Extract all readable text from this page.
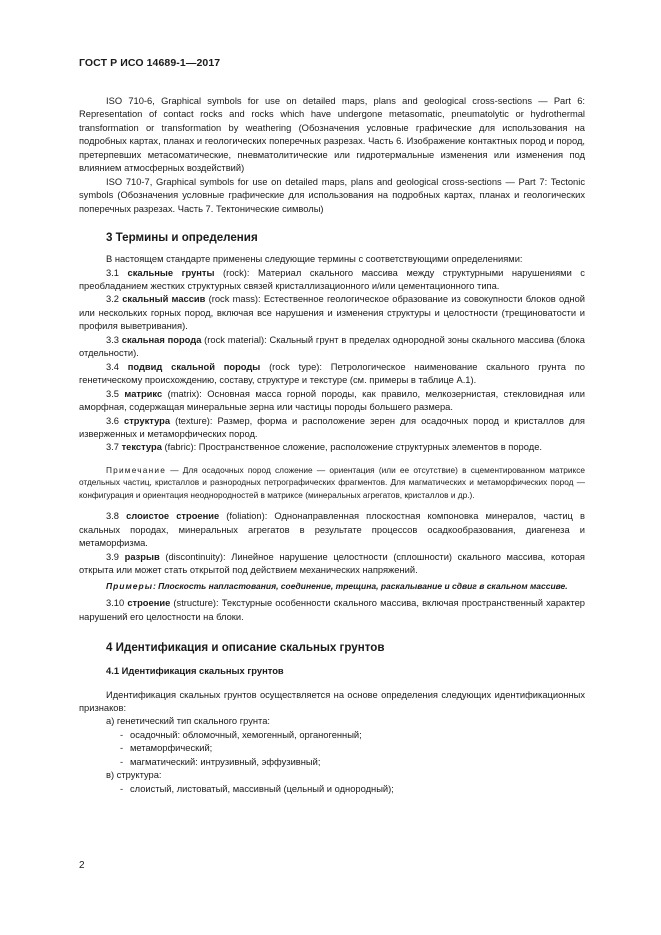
ГОСТ Р ИСО 14689-1—2017

ISO 710-6, Graphical symbols for use on detailed maps, plans and geological cross-sections — Part 6: Representation of contact rocks and rocks which have undergone metasomatic, pneumatolytic or hydrothermal transformation or transformation by weathering (Обозначения условные графические для использования на подробных картах, планах и геологических поперечных разрезах. Часть 6. Изображение контактных пород и пород, претерпевших метасоматические, пневматолитические или гидротермальные изменения или изменения под влиянием атмосферных воздействий)

ISO 710-7, Graphical symbols for use on detailed maps, plans and geological cross-sections — Part 7: Tectonic symbols (Обозначения условные графические для использования на подробных картах, планах и геологических поперечных разрезах. Часть 7. Тектонические символы)

3 Термины и определения

В настоящем стандарте применены следующие термины с соответствующими определениями:

3.1 скальные грунты (rock): Материал скального массива между структурными нарушениями с преобладанием жестких структурных связей кристаллизационного и/или цементационного типа.

3.2 скальный массив (rock mass): Естественное геологическое образование из совокупности блоков одной или нескольких горных пород, включая все нарушения и изменения структуры и целостности (трещиноватости и профиля выветривания).

3.3 скальная порода (rock material): Скальный грунт в пределах однородной зоны скального массива (блока отдельности).

3.4 подвид скальной породы (rock type): Петрологическое наименование скального грунта по генетическому происхождению, составу, структуре и текстуре (см. примеры в таблице А.1).

3.5 матрикс (matrix): Основная масса горной породы, как правило, мелкозернистая, стекловидная или аморфная, содержащая минеральные зерна или частицы породы большего размера.

3.6 структура (texture): Размер, форма и расположение зерен для осадочных пород и кристаллов для изверженных и метаморфических пород.

3.7 текстура (fabric): Пространственное сложение, расположение структурных элементов в породе.

Примечание — Для осадочных пород сложение — ориентация (или ее отсутствие) в сцементированном матриксе отдельных частиц, кристаллов и разнородных петрографических фрагментов. Для магматических и метаморфических пород — конфигурация и ориентация неоднородностей в матриксе (минеральных агрегатов, кристаллов и др.).

3.8 слоистое строение (foliation): Однонаправленная плоскостная компоновка минералов, частиц в скальных породах, минеральных агрегатов в результате процессов осадкообразования, диагенеза и метаморфизма.

3.9 разрыв (discontinuity): Линейное нарушение целостности (сплошности) скального массива, которая открыта или может стать открытой под действием механических напряжений.

Примеры: Плоскость напластования, соединение, трещина, раскалывание и сдвиг в скальном массиве.

3.10 строение (structure): Текстурные особенности скального массива, включая пространственный характер нарушений его целостности на блоки.

4 Идентификация и описание скальных грунтов
4.1 Идентификация скальных грунтов

Идентификация скальных грунтов осуществляется на основе определения следующих идентификационных признаков:

а) генетический тип скального грунта:

- осадочный: обломочный, хемогенный, органогенный;

- метаморфический;

- магматический: интрузивный, эффузивный;

в) структура:

- слоистый, листоватый, массивный (цельный и однородный);

2
